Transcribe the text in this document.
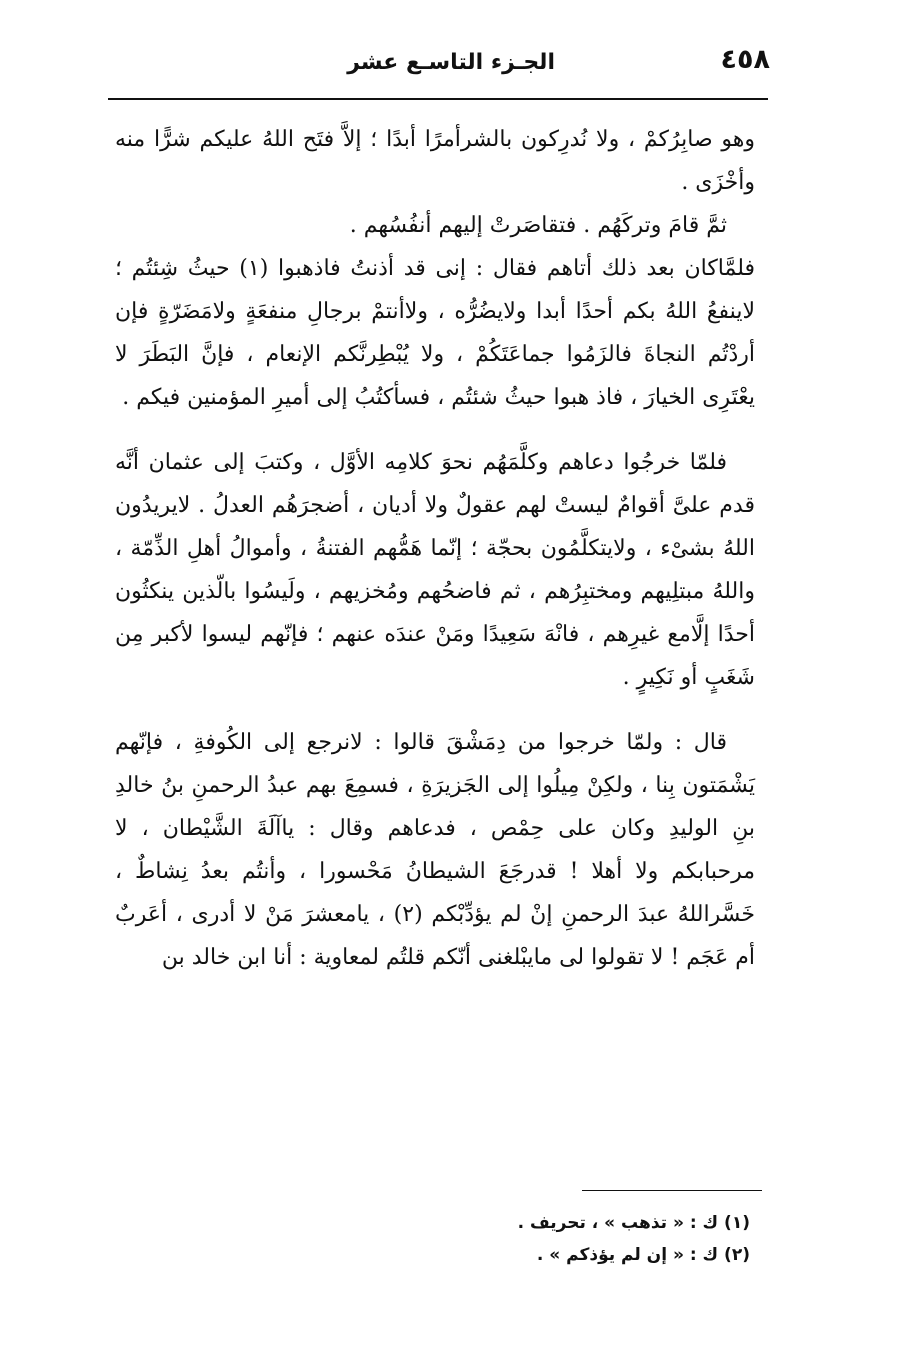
٤٥٨
الجـزء التاسـع عشر

وهو صابِرُكمْ ، ولا نُدرِكون بالشرأمرًا أبدًا ؛ إلاَّ فتَح اللهُ عليكم شرًّا منه وأخْزَى .

ثمَّ قامَ وتركَهُم . فتقاصَرتْ إليهم أنفُسُهم .

فلمَّاكان بعد ذلك أتاهم فقال : إنى قد أذنتُ فاذهبوا (١) حيثُ شِئتُم ؛ لاينفعُ اللهُ بكم أحدًا أبدا ولايضُرُّه ، ولاأنتمْ برجالِ منفعَةٍ ولامَضَرّةٍ فإن أردْتُم النجاةَ فالزَمُوا جماعَتَكُمْ ، ولا يُبْطِرنَّكم الإنعام ، فإنَّ البَطَرَ لا يعْتَرِى الخيارَ ، فاذ هبوا حيثُ شئتُم ، فسأكتُبُ إلى أميرِ المؤمنين فيكم .

فلمّا خرجُوا دعاهم وكلَّمَهُم نحوَ كلامِه الأوَّل ، وكتبَ إلى عثمان أنَّه قدم علىَّ أقوامٌ ليستْ لهم عقولٌ ولا أديان ، أضجرَهُم العدلُ . لايريدُون اللهُ بشىْء ، ولايتكلَّمُون بحجّة ؛ إنّما هَمُّهم الفتنةُ ، وأموالُ أهلِ الذِّمّة ، واللهُ مبتلِيهم ومختبِرُهم ، ثم فاضحُهم ومُخزيهم ، ولَيسُوا بالّذين ينكثُون أحدًا إلَّامع غيرِهم ، فانْهَ سَعِيدًا ومَنْ عندَه عنهم ؛ فإنّهم ليسوا لأكبر مِن شَغَبٍ أو نَكِيرٍ .

قال : ولمّا خرجوا من دِمَشْقَ قالوا : لانرجع إلى الكُوفةِ ، فإنّهم يَشْمَتون بِنا ، ولكِنْ مِيلُوا إلى الجَزيرَةِ ، فسمِعَ بهم عبدُ الرحمنِ بنُ خالدِ بنِ الوليدِ وكان على حِمْص ، فدعاهم وقال : ياآلَةَ الشَّيْطان ، لا مرحبابكم ولا أهلا ! قدرجَعَ الشيطانُ مَحْسورا ، وأنتُم بعدُ نِشاطٌ ، خَسَّراللهُ عبدَ الرحمنِ إنْ لم يؤدِّبْكم (٢) ، يامعشرَ مَنْ لا أدرى ، أعَربٌ أم عَجَم ! لا تقولوا لى مايبْلغنى أنّكم قلتُم لمعاوية : أنا ابن خالد بن

(١) ك : « تذهب » ، تحريف .

(٢) ك : « إن لم يؤذكم » .
